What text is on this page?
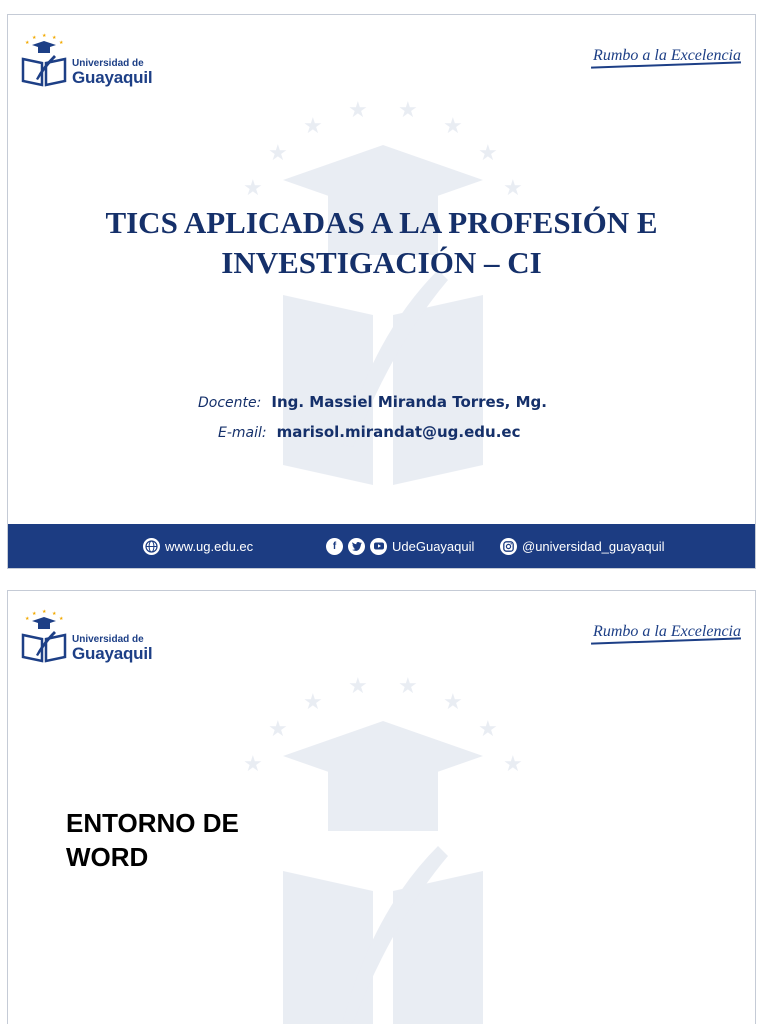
★ ★
★	★
★	★
★	★
★ ★ ★
★	★
Universidad de
Guayaquil
Rumbo a la Excelencia
TICS APLICADAS A LA PROFESIÓN E
INVESTIGACIÓN – CI
Docente: Ing. Massiel Miranda Torres, Mg.
E-mail: marisol.mirandat@ug.edu.ec
www.ug.edu.ec	f	UdeGuayaquil	@universidad_guayaquil
★ ★
★	★
★	★
★	★
★ ★ ★
★	★
Universidad de
Guayaquil
Rumbo a la Excelencia
ENTORNO DE
WORD
